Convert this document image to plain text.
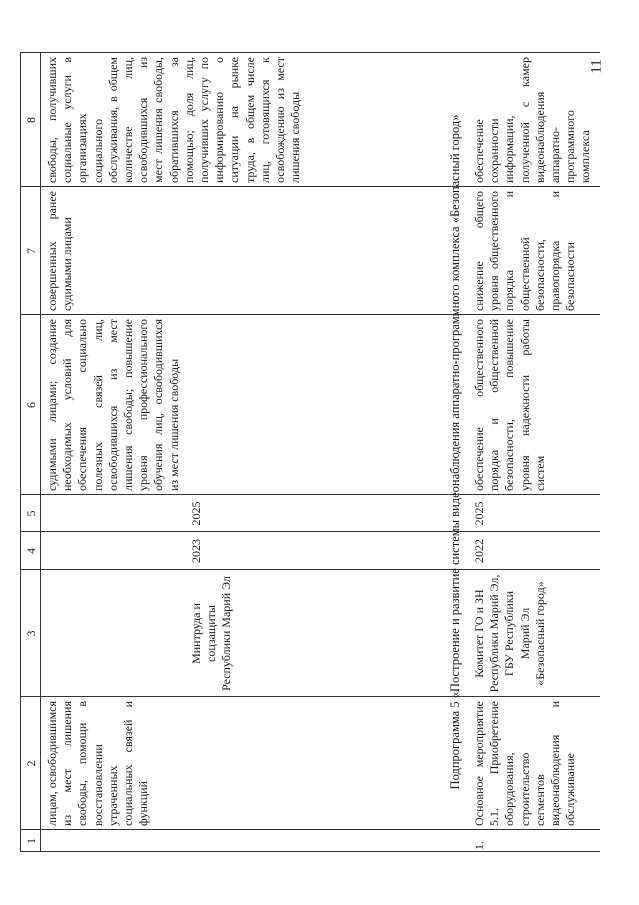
11
1
2
3
4
5
6
7
8
лицам, освободившимся из мест лишения свободы, помощи в восстановлении утраченных социальных связей и функций
Минтруда и соцзащиты Республики Марий Эл
2023
2025
судимыми лицами; создание необходимых условий для обеспечения социально полезных связей лиц, освободившихся из мест лишения свободы; повышение уровня профессионального обучения лиц, освободившихся из мест лишения свободы
совершенных ранее судимыми лицами
свободы, получивших социальные услуги в организациях социального обслуживания, в общем количестве лиц, освободившихся из мест лишения свободы, обратившихся за помощью; доля лиц, получивших услугу по информированию о ситуации на рынке труда, в общем числе лиц, готовящихся к освобождению из мест лишения свободы	Подпрограмма 5 «Построение и развитие системы видеонаблюдения аппаратно-программного комплекса «Безопасный город»
1.
Основное мероприятие 5.1. Приобретение оборудования, строительство сегментов видеонаблюдения и обслуживание
Комитет ГО и ЗН Республики Марий Эл, ГБУ Республики Марий Эл «Безопасный город»
2022
2025
обеспечение общественного порядка и общественной безопасности, повышение уровня надежности работы систем
снижение общего уровня общественного порядка и общественной безопасности, правопорядка и безопасности
обеспечение сохранности информации, полученной с камер видеонаблюдения аппаратно-программного комплекса
